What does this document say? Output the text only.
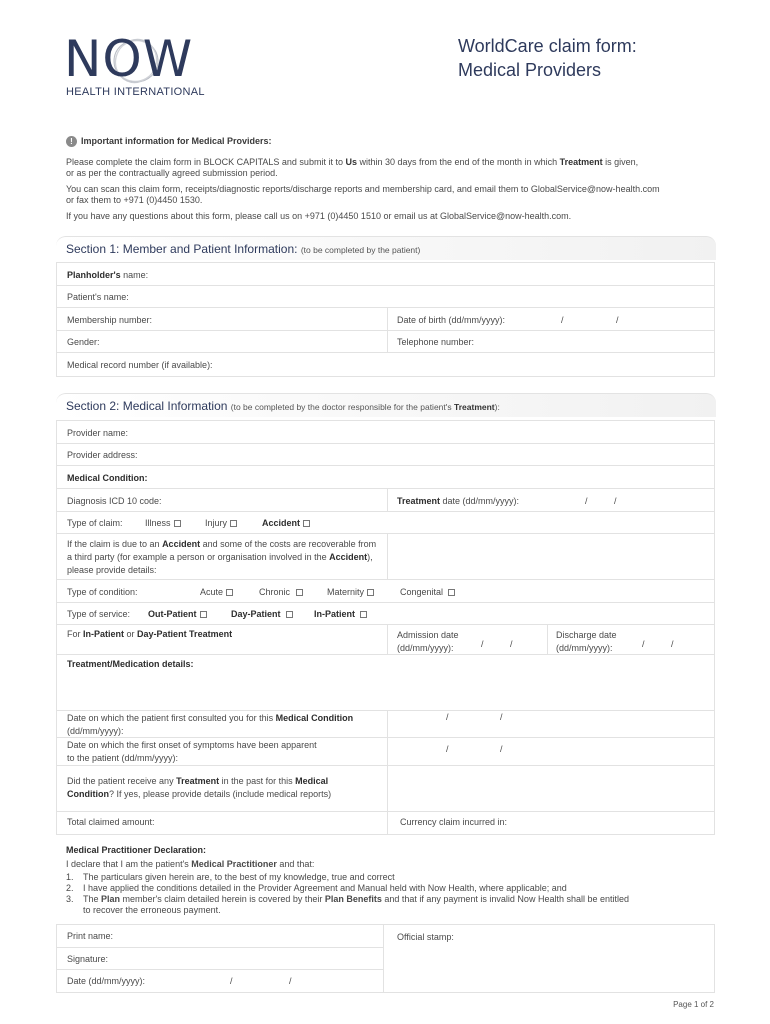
NOW
HEALTH INTERNATIONAL
WorldCare claim form:
Medical Providers
! Important information for Medical Providers:

Please complete the claim form in BLOCK CAPITALS and submit it to Us within 30 days from the end of the month in which Treatment is given,
or as per the contractually agreed submission period.

You can scan this claim form, receipts/diagnostic reports/discharge reports and membership card, and email them to GlobalService@now-health.com
or fax them to +971 (0)4450 1530.

If you have any questions about this form, please call us on +971 (0)4450 1510 or email us at GlobalService@now-health.com.

Section 1: Member and Patient Information: (to be completed by the patient)
Planholder's name:
Patient's name:
Membership number:	Date of birth (dd/mm/yyyy):	/	/
Gender:	Telephone number:
Medical record number (if available):
Section 2: Medical Information (to be completed by the doctor responsible for the patient's Treatment):
Provider name:
Provider address:
Medical Condition:
Diagnosis ICD 10 code:	Treatment date (dd/mm/yyyy):	/	/
Type of claim: Illness	Injury	Accident
If the claim is due to an Accident and some of the costs are recoverable from
a third party (for example a person or organisation involved in the Accident),
please provide details:
Type of condition:	Acute	Chronic	Maternity	Congenital
Type of service: Out-Patient	Day-Patient	In-Patient
For In-Patient or Day-Patient Treatment	Admission date
(dd/mm/yyyy):	/	/
Discharge date
(dd/mm/yyyy):	/	/
Treatment/Medication details:
Date on which the patient first consulted you for this Medical Condition
(dd/mm/yyyy):
/	/
Date on which the first onset of symptoms have been apparent
to the patient (dd/mm/yyyy):
/	/
Did the patient receive any Treatment in the past for this Medical
Condition? If yes, please provide details (include medical reports)
Total claimed amount:	Currency claim incurred in:
Medical Practitioner Declaration:
I declare that I am the patient's Medical Practitioner and that:
1.	The particulars given herein are, to the best of my knowledge, true and correct
2.	I have applied the conditions detailed in the Provider Agreement and Manual held with Now Health, where applicable; and
3.	The Plan member's claim detailed herein is covered by their Plan Benefits and that if any payment is invalid Now Health shall be entitled
to recover the erroneous payment.
Print name:
Signature:
Date (dd/mm/yyyy):	/	/
Official stamp:
Page 1 of 2
